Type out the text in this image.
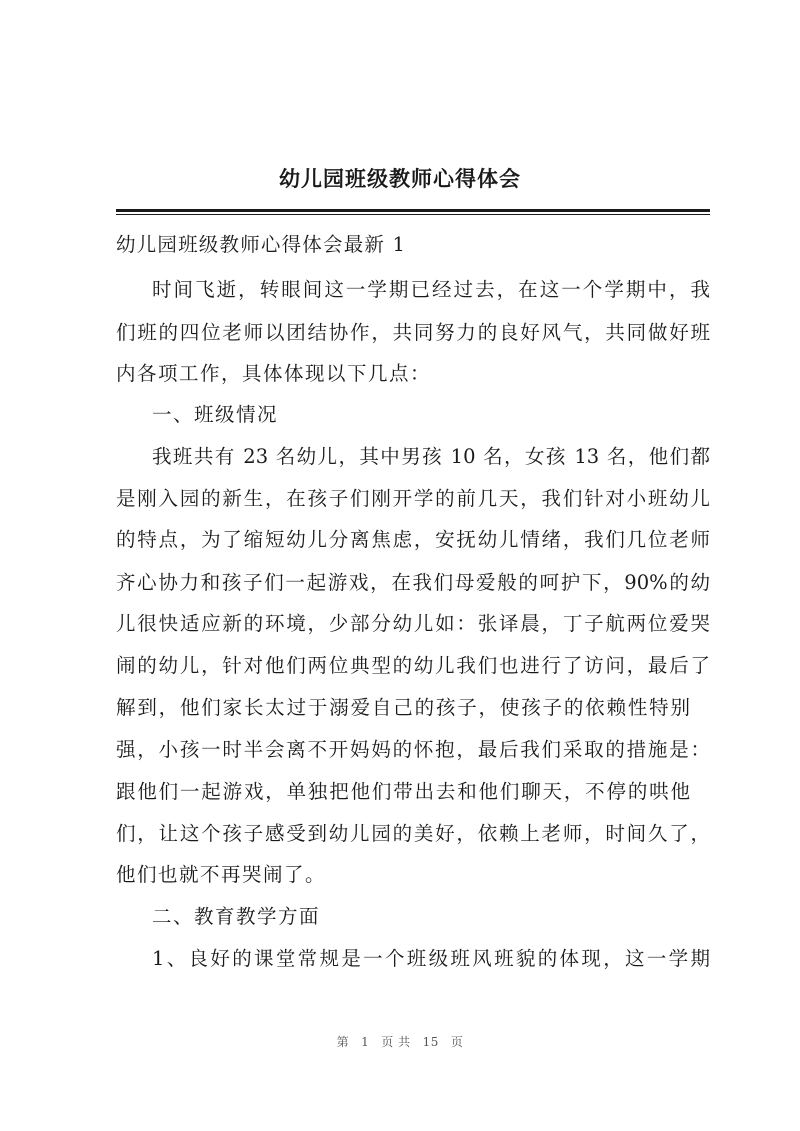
幼儿园班级教师心得体会
幼儿园班级教师心得体会最新 1
时间飞逝，转眼间这一学期已经过去，在这一个学期中，我
们班的四位老师以团结协作，共同努力的良好风气，共同做好班
内各项工作，具体体现以下几点：
一、班级情况
我班共有 23 名幼儿，其中男孩 10 名，女孩 13 名，他们都
是刚入园的新生，在孩子们刚开学的前几天，我们针对小班幼儿
的特点，为了缩短幼儿分离焦虑，安抚幼儿情绪，我们几位老师
齐心协力和孩子们一起游戏，在我们母爱般的呵护下，90%的幼
儿很快适应新的环境，少部分幼儿如：张译晨，丁子航两位爱哭
闹的幼儿，针对他们两位典型的幼儿我们也进行了访问，最后了
解到，他们家长太过于溺爱自己的孩子，使孩子的依赖性特别
强，小孩一时半会离不开妈妈的怀抱，最后我们采取的措施是：
跟他们一起游戏，单独把他们带出去和他们聊天，不停的哄他
们，让这个孩子感受到幼儿园的美好，依赖上老师，时间久了，
他们也就不再哭闹了。
二、教育教学方面
1、良好的课堂常规是一个班级班风班貌的体现，这一学期
第 1 页 共 15 页
